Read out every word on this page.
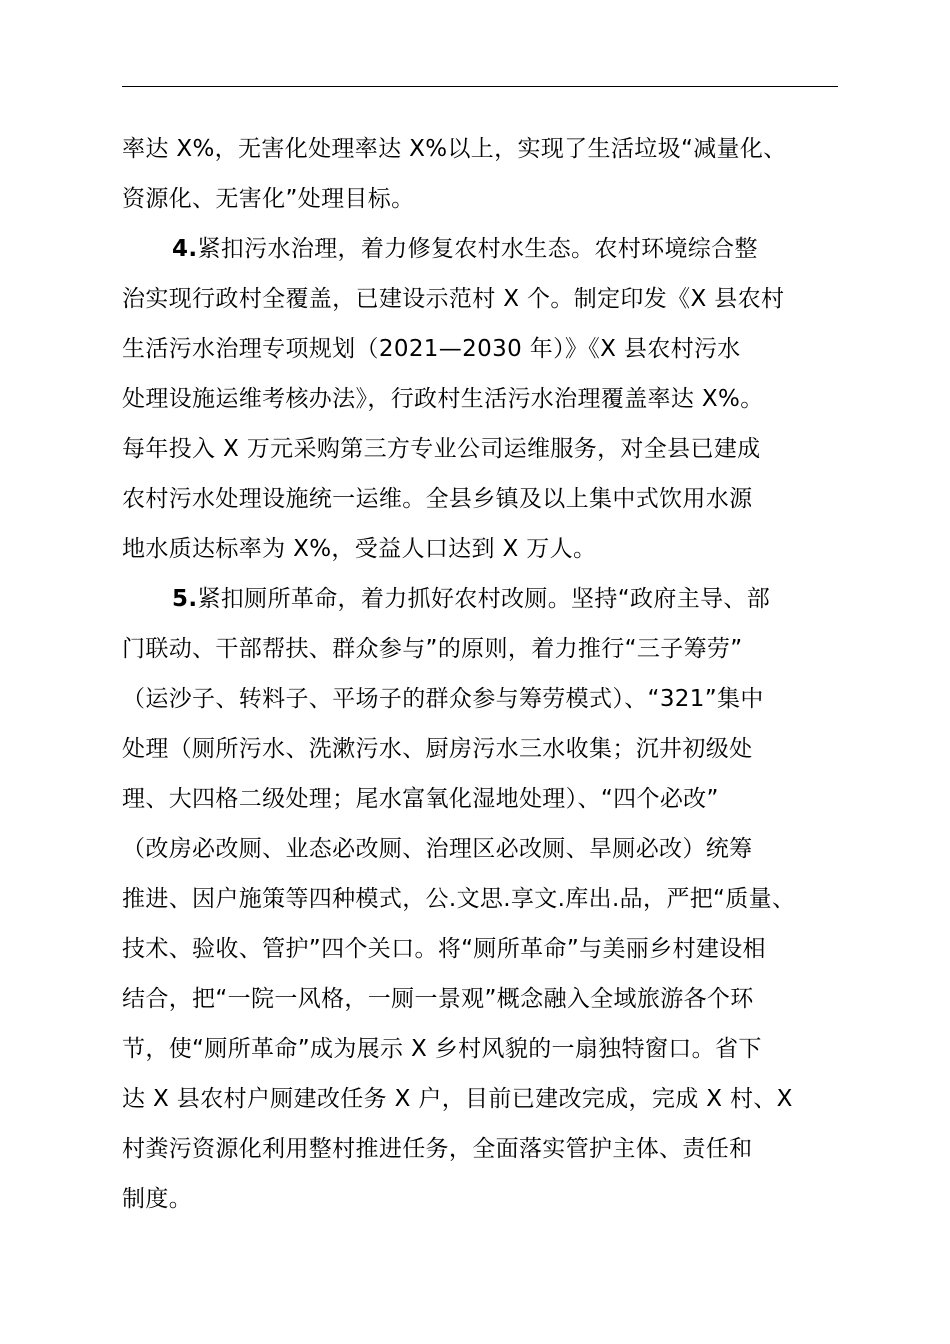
率达 X%，无害化处理率达 X%以上，实现了生活垃圾“减量化、

资源化、无害化”处理目标。

4.紧扣污水治理，着力修复农村水生态。农村环境综合整

治实现行政村全覆盖，已建设示范村 X 个。制定印发《X 县农村

生活污水治理专项规划（2021—2030 年）》《X 县农村污水

处理设施运维考核办法》，行政村生活污水治理覆盖率达 X%。

每年投入 X 万元采购第三方专业公司运维服务，对全县已建成

农村污水处理设施统一运维。全县乡镇及以上集中式饮用水源

地水质达标率为 X%，受益人口达到 X 万人。

5.紧扣厕所革命，着力抓好农村改厕。坚持“政府主导、部

门联动、干部帮扶、群众参与”的原则，着力推行“三子筹劳”

（运沙子、转料子、平场子的群众参与筹劳模式）、“321”集中

处理（厕所污水、洗漱污水、厨房污水三水收集；沉井初级处

理、大四格二级处理；尾水富氧化湿地处理）、“四个必改”

（改房必改厕、业态必改厕、治理区必改厕、旱厕必改）统筹

推进、因户施策等四种模式，公.文思.享文.库出.品，严把“质量、

技术、验收、管护”四个关口。将“厕所革命”与美丽乡村建设相

结合，把“一院一风格，一厕一景观”概念融入全域旅游各个环

节，使“厕所革命”成为展示 X 乡村风貌的一扇独特窗口。省下

达 X 县农村户厕建改任务 X 户，目前已建改完成，完成 X 村、X

村粪污资源化利用整村推进任务，全面落实管护主体、责任和

制度。
